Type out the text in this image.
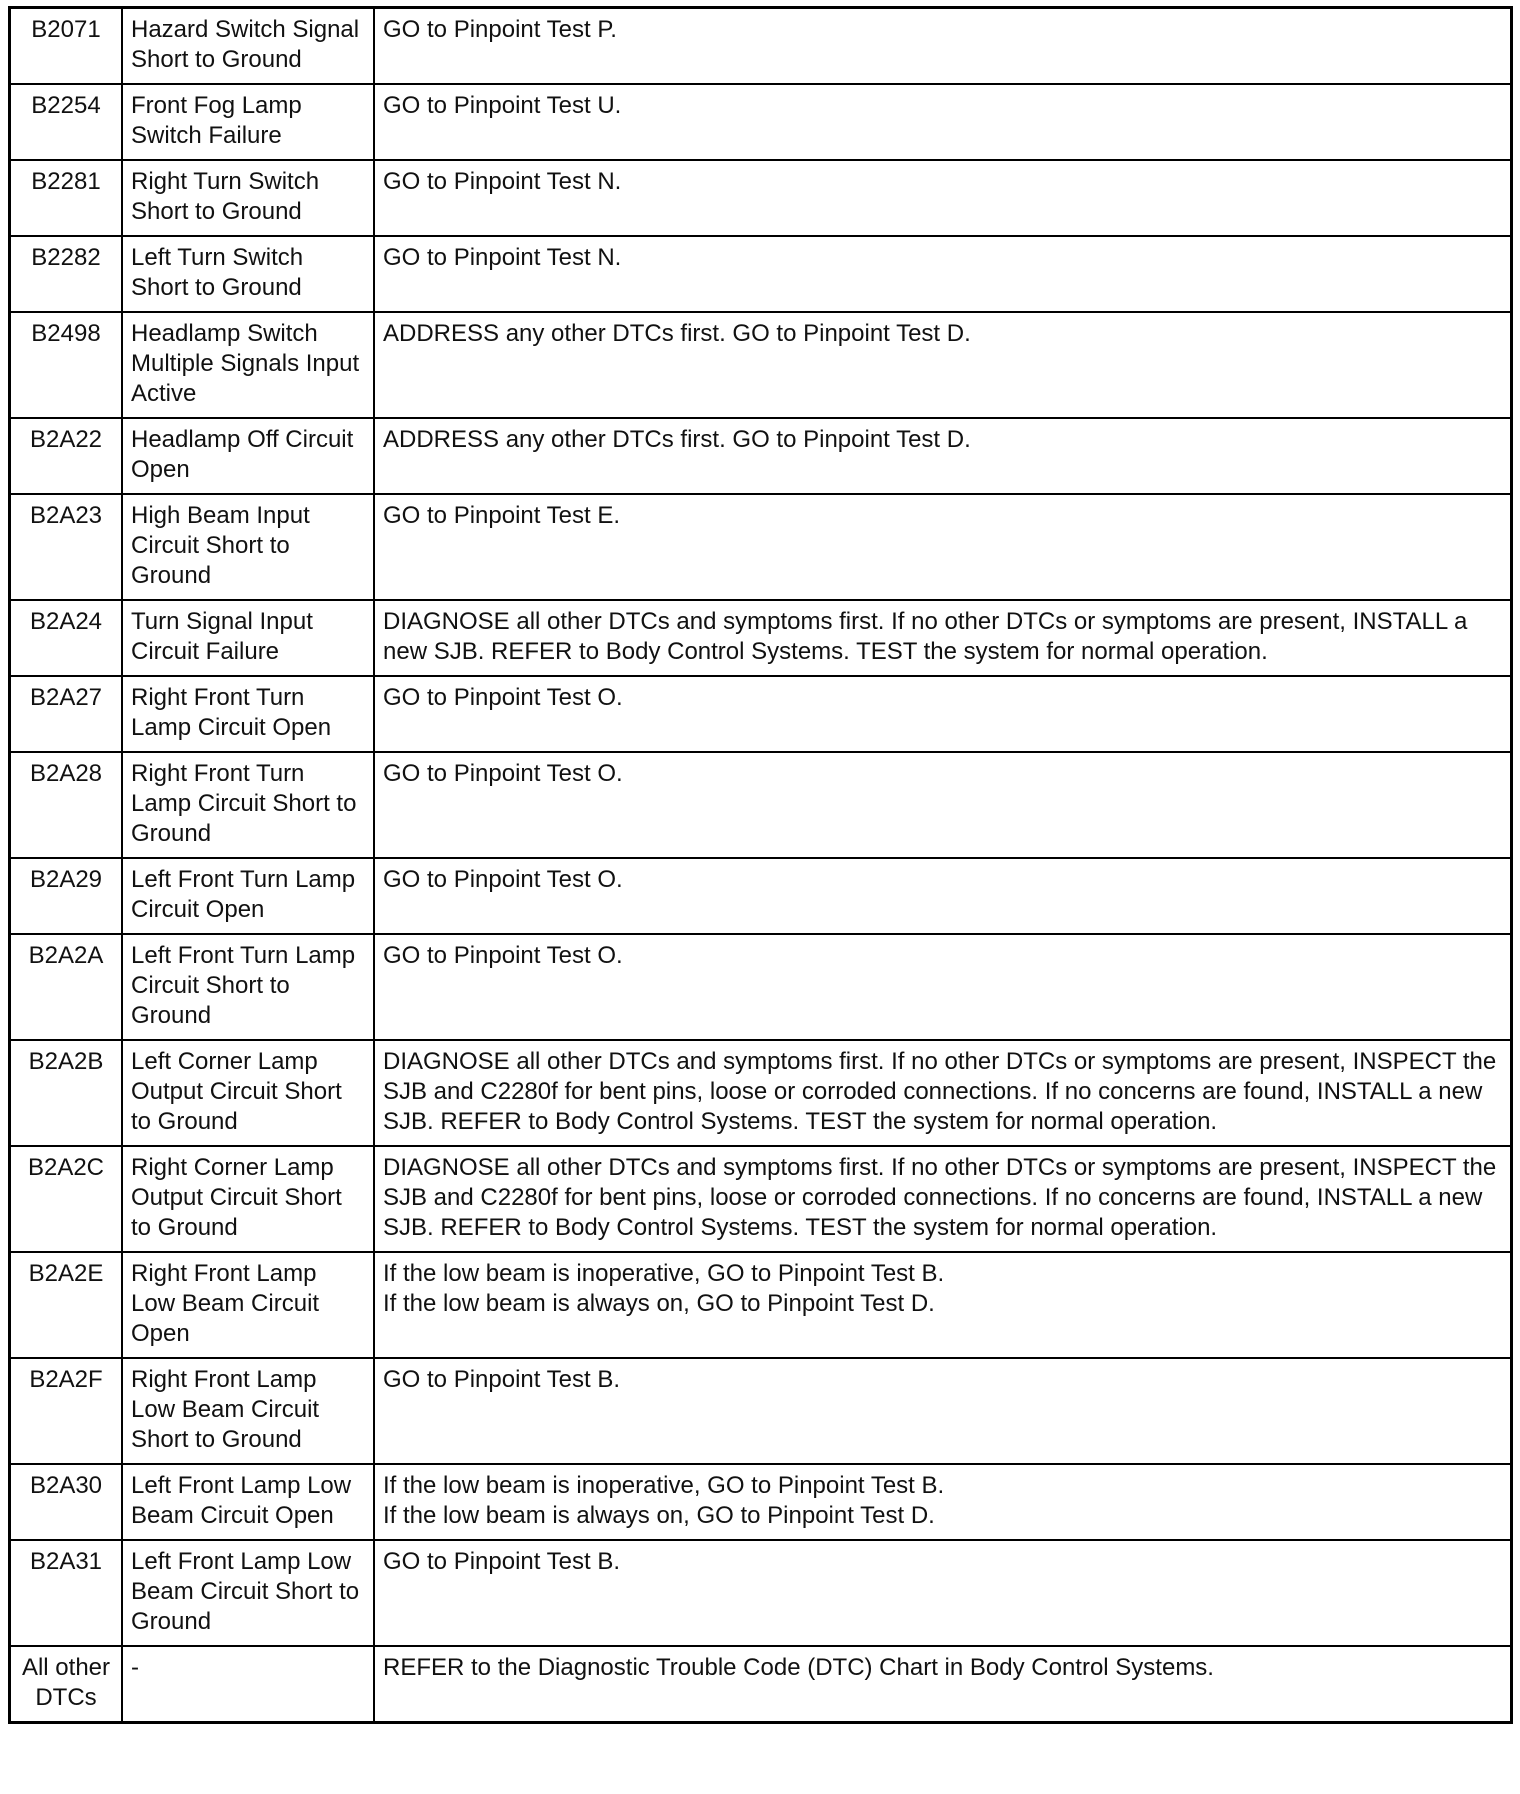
B2071	Hazard Switch Signal Short to Ground	GO to Pinpoint Test P.

B2254	Front Fog Lamp Switch Failure	GO to Pinpoint Test U.

B2281	Right Turn Switch Short to Ground	GO to Pinpoint Test N.

B2282	Left Turn Switch Short to Ground	GO to Pinpoint Test N.

B2498	Headlamp Switch Multiple Signals Input Active	ADDRESS any other DTCs first. GO to Pinpoint Test D.

B2A22	Headlamp Off Circuit Open	ADDRESS any other DTCs first. GO to Pinpoint Test D.

B2A23	High Beam Input Circuit Short to Ground	GO to Pinpoint Test E.

B2A24	Turn Signal Input Circuit Failure	DIAGNOSE all other DTCs and symptoms first. If no other DTCs or symptoms are present, INSTALL a new SJB. REFER to Body Control Systems. TEST the system for normal operation.

B2A27	Right Front Turn Lamp Circuit Open	GO to Pinpoint Test O.

B2A28	Right Front Turn Lamp Circuit Short to Ground	GO to Pinpoint Test O.

B2A29	Left Front Turn Lamp Circuit Open	GO to Pinpoint Test O.

B2A2A	Left Front Turn Lamp Circuit Short to Ground	GO to Pinpoint Test O.

B2A2B	Left Corner Lamp Output Circuit Short to Ground	DIAGNOSE all other DTCs and symptoms first. If no other DTCs or symptoms are present, INSPECT the SJB and C2280f for bent pins, loose or corroded connections. If no concerns are found, INSTALL a new SJB. REFER to Body Control Systems. TEST the system for normal operation.

B2A2C	Right Corner Lamp Output Circuit Short to Ground	DIAGNOSE all other DTCs and symptoms first. If no other DTCs or symptoms are present, INSPECT the SJB and C2280f for bent pins, loose or corroded connections. If no concerns are found, INSTALL a new SJB. REFER to Body Control Systems. TEST the system for normal operation.

B2A2E	Right Front Lamp Low Beam Circuit Open	If the low beam is inoperative, GO to Pinpoint Test B.
If the low beam is always on, GO to Pinpoint Test D.

B2A2F	Right Front Lamp Low Beam Circuit Short to Ground	GO to Pinpoint Test B.

B2A30	Left Front Lamp Low Beam Circuit Open	If the low beam is inoperative, GO to Pinpoint Test B.
If the low beam is always on, GO to Pinpoint Test D.

B2A31	Left Front Lamp Low Beam Circuit Short to Ground	GO to Pinpoint Test B.

All other DTCs	-	REFER to the Diagnostic Trouble Code (DTC) Chart in Body Control Systems.
